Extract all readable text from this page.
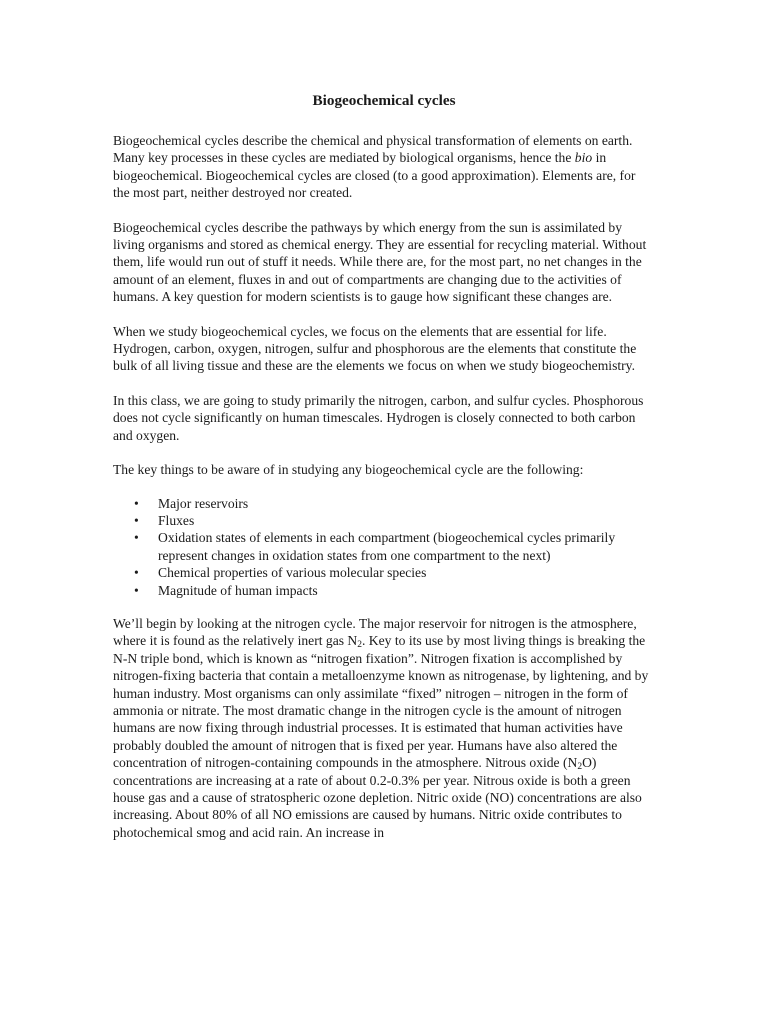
Biogeochemical cycles

Biogeochemical cycles describe the chemical and physical transformation of elements on earth. Many key processes in these cycles are mediated by biological organisms, hence the bio in biogeochemical. Biogeochemical cycles are closed (to a good approximation). Elements are, for the most part, neither destroyed nor created.

Biogeochemical cycles describe the pathways by which energy from the sun is assimilated by living organisms and stored as chemical energy. They are essential for recycling material. Without them, life would run out of stuff it needs. While there are, for the most part, no net changes in the amount of an element, fluxes in and out of compartments are changing due to the activities of humans. A key question for modern scientists is to gauge how significant these changes are.

When we study biogeochemical cycles, we focus on the elements that are essential for life. Hydrogen, carbon, oxygen, nitrogen, sulfur and phosphorous are the elements that constitute the bulk of all living tissue and these are the elements we focus on when we study biogeochemistry.

In this class, we are going to study primarily the nitrogen, carbon, and sulfur cycles. Phosphorous does not cycle significantly on human timescales. Hydrogen is closely connected to both carbon and oxygen.

The key things to be aware of in studying any biogeochemical cycle are the following:

• Major reservoirs
• Fluxes
• Oxidation states of elements in each compartment (biogeochemical cycles primarily represent changes in oxidation states from one compartment to the next)
• Chemical properties of various molecular species
• Magnitude of human impacts

We’ll begin by looking at the nitrogen cycle. The major reservoir for nitrogen is the atmosphere, where it is found as the relatively inert gas $N_2$. Key to its use by most living things is breaking the N-N triple bond, which is known as “nitrogen fixation”. Nitrogen fixation is accomplished by nitrogen-fixing bacteria that contain a metalloenzyme known as nitrogenase, by lightening, and by human industry. Most organisms can only assimilate “fixed” nitrogen – nitrogen in the form of ammonia or nitrate. The most dramatic change in the nitrogen cycle is the amount of nitrogen humans are now fixing through industrial processes. It is estimated that human activities have probably doubled the amount of nitrogen that is fixed per year. Humans have also altered the concentration of nitrogen-containing compounds in the atmosphere. Nitrous oxide $(N_2O)$ concentrations are increasing at a rate of about 0.2-0.3% per year. Nitrous oxide is both a green house gas and a cause of stratospheric ozone depletion. Nitric oxide (NO) concentrations are also increasing. About 80% of all NO emissions are caused by humans. Nitric oxide contributes to photochemical smog and acid rain. An increase in
